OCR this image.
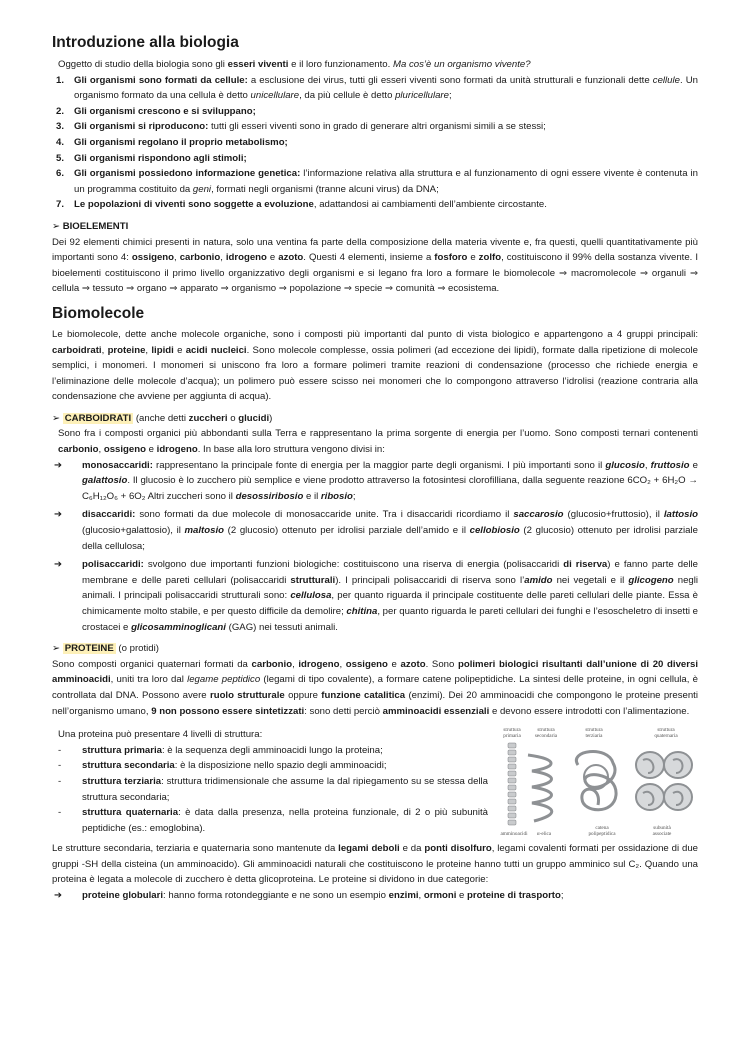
Introduzione alla biologia

Oggetto di studio della biologia sono gli esseri viventi e il loro funzionamento. Ma cos’è un organismo vivente?

1. Gli organismi sono formati da cellule: a esclusione dei virus, tutti gli esseri viventi sono formati da unità strutturali e funzionali dette cellule. Un organismo formato da una cellula è detto unicellulare, da più cellule è detto pluricellulare;
2. Gli organismi crescono e si sviluppano;
3. Gli organismi si riproducono: tutti gli esseri viventi sono in grado di generare altri organismi simili a se stessi;
4. Gli organismi regolano il proprio metabolismo;
5. Gli organismi rispondono agli stimoli;
6. Gli organismi possiedono informazione genetica: l’informazione relativa alla struttura e al funzionamento di ogni essere vivente è contenuta in un programma costituito da geni, formati negli organismi (tranne alcuni virus) da DNA;
7. Le popolazioni di viventi sono soggette a evoluzione, adattandosi ai cambiamenti dell’ambiente circostante.
➢ BIOELEMENTI

Dei 92 elementi chimici presenti in natura, solo una ventina fa parte della composizione della materia vivente e, fra questi, quelli quantitativamente più importanti sono 4: ossigeno, carbonio, idrogeno e azoto. Questi 4 elementi, insieme a fosforo e zolfo, costituiscono il 99% della sostanza vivente. I bioelementi costituiscono il primo livello organizzativo degli organismi e si legano fra loro a formare le biomolecole ⇒ macromolecole ⇒ organuli ⇒ cellula ⇒ tessuto ⇒ organo ⇒ apparato ⇒ organismo ⇒ popolazione ⇒ specie ⇒ comunità ⇒ ecosistema.

Biomolecole

Le biomolecole, dette anche molecole organiche, sono i composti più importanti dal punto di vista biologico e appartengono a 4 gruppi principali: carboidrati, proteine, lipidi e acidi nucleici. Sono molecole complesse, ossia polimeri (ad eccezione dei lipidi), formate dalla ripetizione di molecole semplici, i monomeri. I monomeri si uniscono fra loro a formare polimeri tramite reazioni di condensazione (processo che richiede energia e l’eliminazione delle molecole d’acqua); un polimero può essere scisso nei monomeri che lo compongono attraverso l’idrolisi (reazione contraria alla condensazione che avviene per aggiunta di acqua).

➢ CARBOIDRATI (anche detti zuccheri o glucidi)

Sono fra i composti organici più abbondanti sulla Terra e rappresentano la prima sorgente di energia per l’uomo. Sono composti ternari contenenti carbonio, ossigeno e idrogeno. In base alla loro struttura vengono divisi in:

➔ monosaccaridi: rappresentano la principale fonte di energia per la maggior parte degli organismi. I più importanti sono il glucosio, fruttosio e galattosio. Il glucosio è lo zucchero più semplice e viene prodotto attraverso la fotosintesi clorofilliana, dalla seguente reazione 6CO₂ + 6H₂O → C₆H₁₂O₆ + 6O₂ Altri zuccheri sono il desossiribosio e il ribosio;
➔ disaccaridi: sono formati da due molecole di monosaccaride unite. Tra i disaccaridi ricordiamo il saccarosio (glucosio+fruttosio), il lattosio (glucosio+galattosio), il maltosio (2 glucosio) ottenuto per idrolisi parziale dell’amido e il cellobiosio (2 glucosio) ottenuto per idrolisi parziale della cellulosa;
➔ polisaccaridi: svolgono due importanti funzioni biologiche: costituiscono una riserva di energia (polisaccaridi di riserva) e fanno parte delle membrane e delle pareti cellulari (polisaccaridi strutturali). I principali polisaccaridi di riserva sono l’amido nei vegetali e il glicogeno negli animali. I principali polisaccaridi strutturali sono: cellulosa, per quanto riguarda il principale costituente delle pareti cellulari delle piante. Essa è chimicamente molto stabile, e per questo difficile da demolire; chitina, per quanto riguarda le pareti cellulari dei funghi e l’esoscheletro di insetti e crostacei e glicosamminoglicani (GAG) nei tessuti animali.
➢ PROTEINE (o protidi)

Sono composti organici quaternari formati da carbonio, idrogeno, ossigeno e azoto. Sono polimeri biologici risultanti dall’unione di 20 diversi amminoacidi, uniti tra loro dal legame peptidico (legami di tipo covalente), a formare catene polipeptidiche. La sintesi delle proteine, in ogni cellula, è controllata dal DNA. Possono avere ruolo strutturale oppure funzione catalitica (enzimi). Dei 20 amminoacidi che compongono le proteine presenti nell’organismo umano, 9 non possono essere sintetizzati: sono detti perciò amminoacidi essenziali e devono essere introdotti con l’alimentazione.

Una proteina può presentare 4 livelli di struttura:

- struttura primaria: è la sequenza degli amminoacidi lungo la proteina;
- struttura secondaria: è la disposizione nello spazio degli amminoacidi;
- struttura terziaria: struttura tridimensionale che assume la dal ripiegamento su se stessa della struttura secondaria;
- struttura quaternaria: è data dalla presenza, nella proteina funzionale, di 2 o più subunità peptidiche (es.: emoglobina).
struttura
primaria
struttura
secondaria
struttura
terziaria
struttura
quaternaria
amminoacidi α-elica
catena
polipeptidica
subunità
associate

Le strutture secondaria, terziaria e quaternaria sono mantenute da legami deboli e da ponti disolfuro, legami covalenti formati per ossidazione di due gruppi -SH della cisteina (un amminoacido). Gli amminoacidi naturali che costituiscono le proteine hanno tutti un gruppo amminico sul C₂. Quando una proteina è legata a molecole di zucchero è detta glicoproteina. Le proteine si dividono in due categorie:

➔ proteine globulari: hanno forma rotondeggiante e ne sono un esempio enzimi, ormoni e proteine di trasporto;
